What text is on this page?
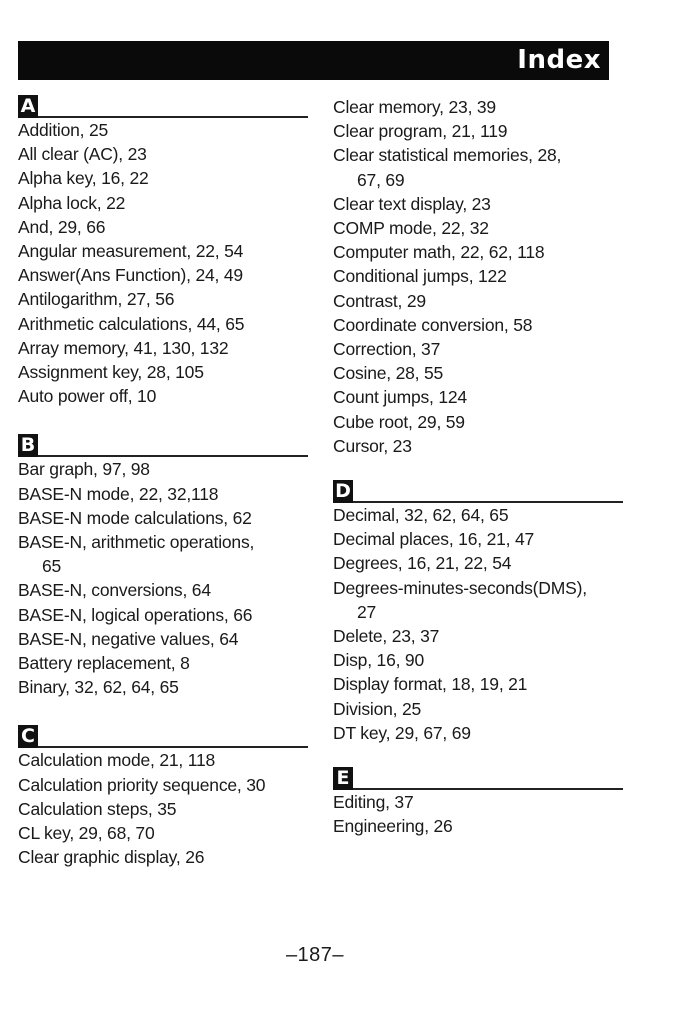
Index
A
Addition, 25
All clear (AC), 23
Alpha key, 16, 22
Alpha lock, 22
And, 29, 66
Angular measurement, 22, 54
Answer(Ans Function), 24, 49
Antilogarithm, 27, 56
Arithmetic calculations, 44, 65
Array memory, 41, 130, 132
Assignment key, 28, 105
Auto power off, 10
B
Bar graph, 97, 98
BASE-N mode, 22, 32,118
BASE-N mode calculations, 62
BASE-N, arithmetic operations,
65
BASE-N, conversions, 64
BASE-N, logical operations, 66
BASE-N, negative values, 64
Battery replacement, 8
Binary, 32, 62, 64, 65
C
Calculation mode, 21, 118
Calculation priority sequence, 30
Calculation steps, 35
CL key, 29, 68, 70
Clear graphic display, 26
Clear memory, 23, 39
Clear program, 21, 119
Clear statistical memories, 28,
67, 69
Clear text display, 23
COMP mode, 22, 32
Computer math, 22, 62, 118
Conditional jumps, 122
Contrast, 29
Coordinate conversion, 58
Correction, 37
Cosine, 28, 55
Count jumps, 124
Cube root, 29, 59
Cursor, 23
D
Decimal, 32, 62, 64, 65
Decimal places, 16, 21, 47
Degrees, 16, 21, 22, 54
Degrees-minutes-seconds(DMS),
27
Delete, 23, 37
Disp, 16, 90
Display format, 18, 19, 21
Division, 25
DT key, 29, 67, 69
E
Editing, 37
Engineering, 26
–187–
